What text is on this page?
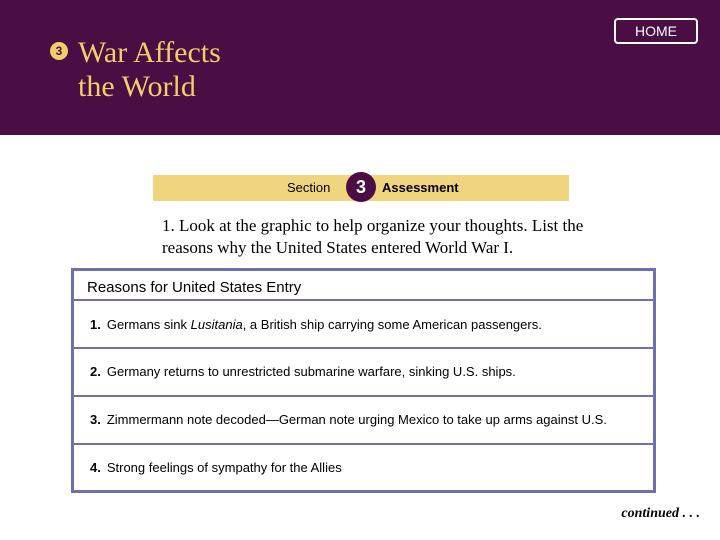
3 War Affects
the World
HOME
Section	3	Assessment
1. Look at the graphic to help organize your thoughts. List the reasons why the United States entered World War I.
Reasons for United States Entry
1. Germans sink Lusitania, a British ship carrying some American passengers.
2. Germany returns to unrestricted submarine warfare, sinking U.S. ships.
3. Zimmermann note decoded—German note urging Mexico to take up arms against U.S.
4. Strong feelings of sympathy for the Allies
continued . . .
